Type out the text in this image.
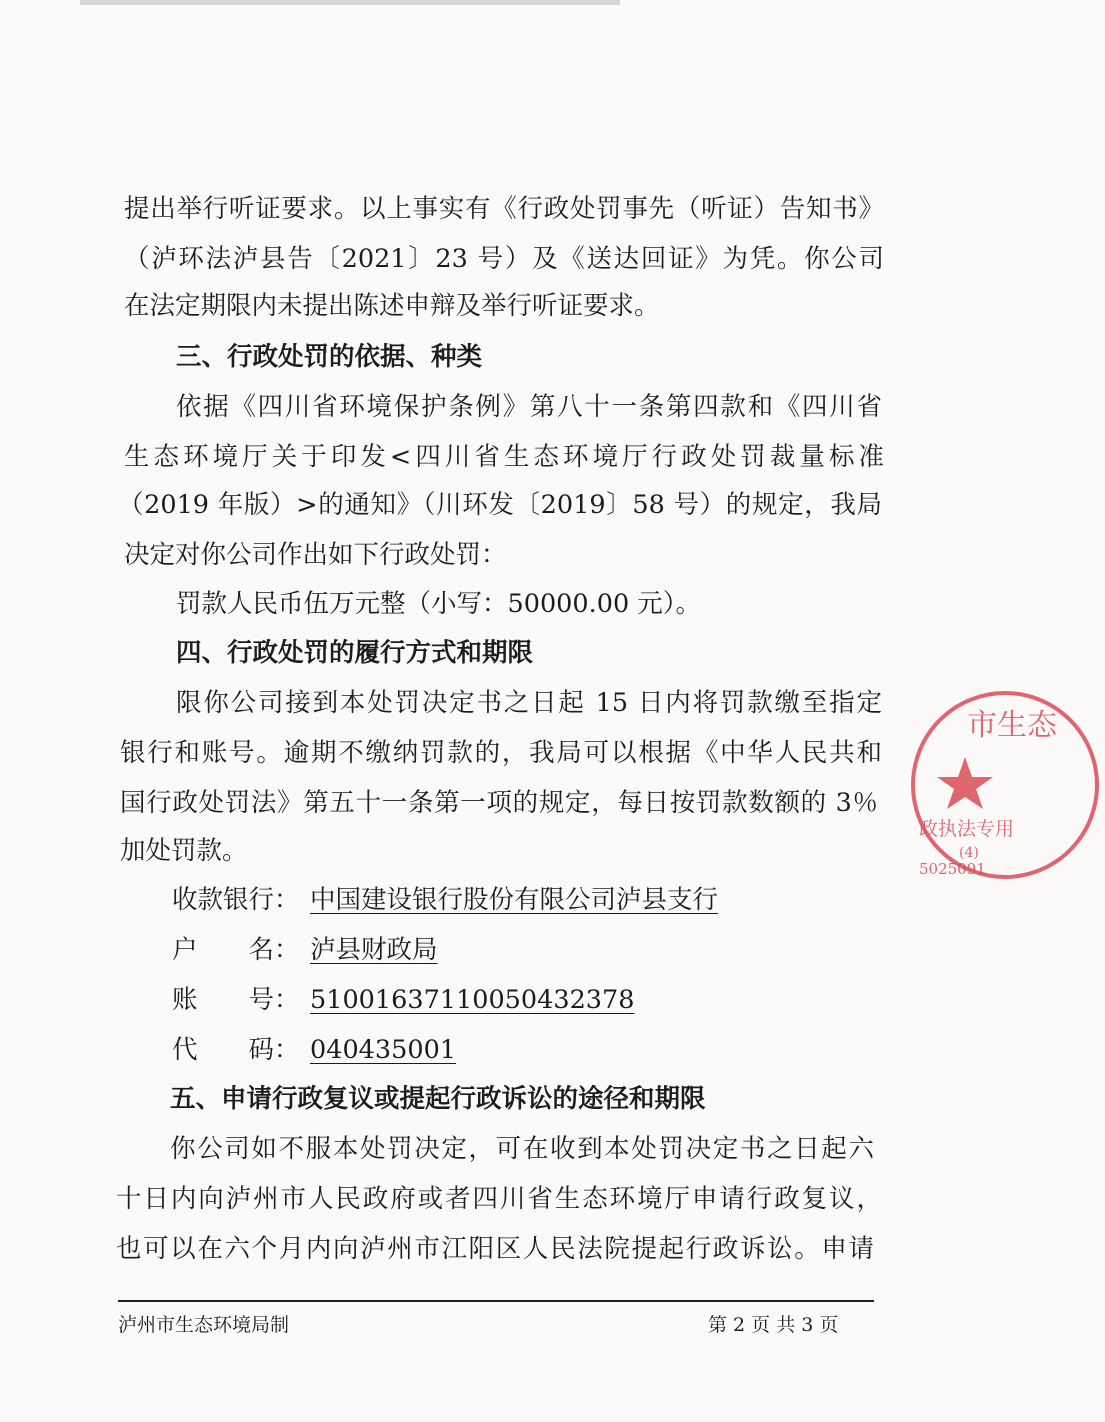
提出举行听证要求。以上事实有《行政处罚事先（听证）告知书》
（泸环法泸县告〔2021〕23 号）及《送达回证》为凭。你公司
在法定期限内未提出陈述申辩及举行听证要求。
三、行政处罚的依据、种类
依据《四川省环境保护条例》第八十一条第四款和《四川省
生态环境厅关于印发<四川省生态环境厅行政处罚裁量标准
（2019 年版）>的通知》（川环发〔2019〕58 号）的规定，我局
决定对你公司作出如下行政处罚：
罚款人民币伍万元整（小写：50000.00 元）。
四、行政处罚的履行方式和期限
限你公司接到本处罚决定书之日起 15 日内将罚款缴至指定
银行和账号。逾期不缴纳罚款的，我局可以根据《中华人民共和
国行政处罚法》第五十一条第一项的规定，每日按罚款数额的 3％
加处罚款。
收款银行： 中国建设银行股份有限公司泸县支行
户　　名： 泸县财政局
账　　号： 51001637110050432378
代　　码： 040435001
五、申请行政复议或提起行政诉讼的途径和期限
你公司如不服本处罚决定，可在收到本处罚决定书之日起六
十日内向泸州市人民政府或者四川省生态环境厅申请行政复议，
也可以在六个月内向泸州市江阳区人民法院提起行政诉讼。申请
泸州市生态环境局制	第 2 页 共 3 页
市生态
政执法专用
(4)
5025091
